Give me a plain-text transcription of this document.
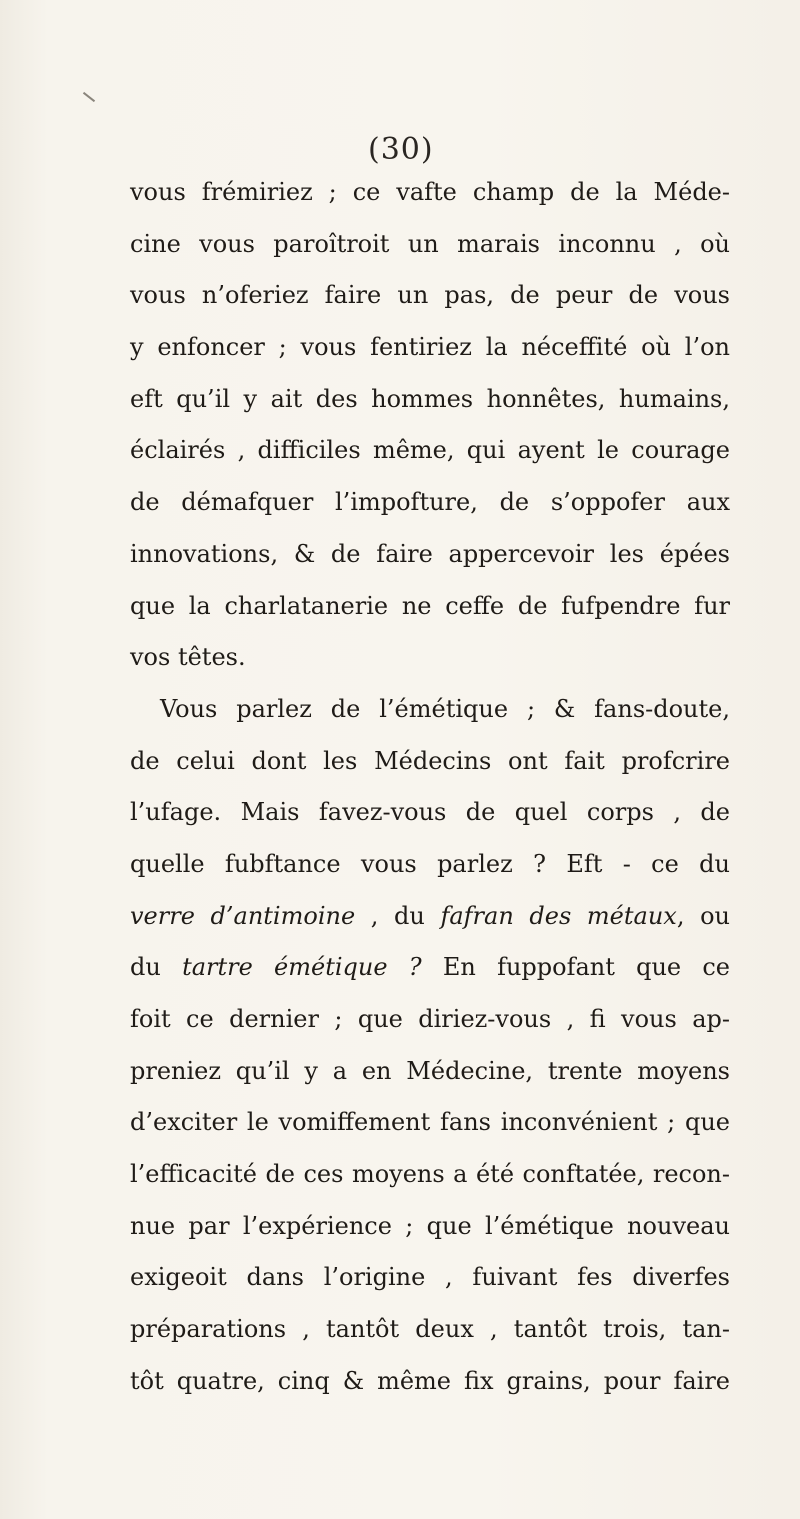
(30)
vous frémiriez ; ce vafte champ de la Méde-
cine vous paroîtroit un marais inconnu , où
vous n’oferiez faire un pas, de peur de vous
y enfoncer ; vous fentiriez la néceffité où l’on
eft qu’il y ait des hommes honnêtes, humains,
éclairés , difficiles même, qui ayent le courage
de démafquer l’impofture, de s’oppofer aux
innovations, & de faire appercevoir les épées
que la charlatanerie ne ceffe de fufpendre fur
vos têtes.
Vous parlez de l’émétique ; & fans-doute,
de celui dont les Médecins ont fait profcrire
l’ufage. Mais favez-vous de quel corps , de
quelle fubftance vous parlez ? Eft - ce du
verre d’antimoine , du fafran des métaux, ou
du tartre émétique ? En fuppofant que ce
foit ce dernier ; que diriez-vous , fi vous ap-
preniez qu’il y a en Médecine, trente moyens
d’exciter le vomiffement fans inconvénient ; que
l’efficacité de ces moyens a été conftatée, recon-
nue par l’expérience ; que l’émétique nouveau
exigeoit dans l’origine , fuivant fes diverfes
préparations , tantôt deux , tantôt trois, tan-
tôt quatre, cinq & même fix grains, pour faire
